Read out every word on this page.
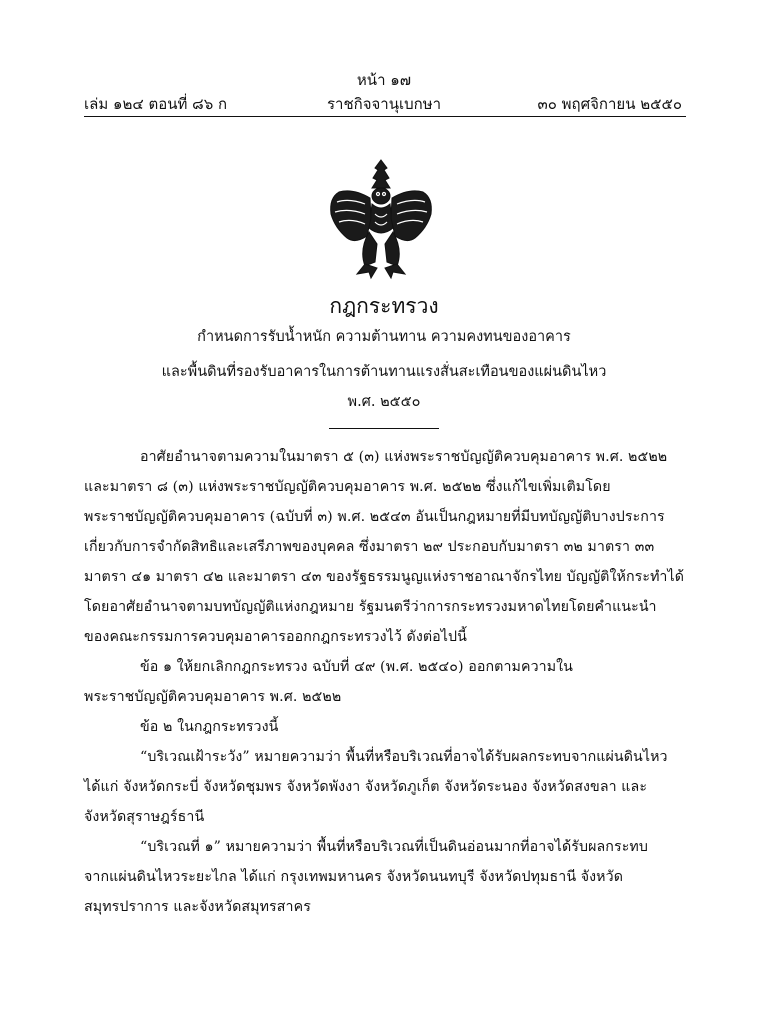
หน้า ๑๗
เล่ม ๑๒๔ ตอนที่ ๘๖ ก	ราชกิจจานุเบกษา	๓๐ พฤศจิกายน ๒๕๕๐
กฎกระทรวง
กำหนดการรับน้ำหนัก ความต้านทาน ความคงทนของอาคาร
และพื้นดินที่รองรับอาคารในการต้านทานแรงสั่นสะเทือนของแผ่นดินไหว
พ.ศ. ๒๕๕๐
อาศัยอำนาจตามความในมาตรา ๕ (๓) แห่งพระราชบัญญัติควบคุมอาคาร พ.ศ. ๒๕๒๒
และมาตรา ๘ (๓) แห่งพระราชบัญญัติควบคุมอาคาร พ.ศ. ๒๕๒๒ ซึ่งแก้ไขเพิ่มเติมโดย
พระราชบัญญัติควบคุมอาคาร (ฉบับที่ ๓) พ.ศ. ๒๕๔๓ อันเป็นกฎหมายที่มีบทบัญญัติบางประการ
เกี่ยวกับการจำกัดสิทธิและเสรีภาพของบุคคล ซึ่งมาตรา ๒๙ ประกอบกับมาตรา ๓๒ มาตรา ๓๓
มาตรา ๔๑ มาตรา ๔๒ และมาตรา ๔๓ ของรัฐธรรมนูญแห่งราชอาณาจักรไทย บัญญัติให้กระทำได้
โดยอาศัยอำนาจตามบทบัญญัติแห่งกฎหมาย รัฐมนตรีว่าการกระทรวงมหาดไทยโดยคำแนะนำ
ของคณะกรรมการควบคุมอาคารออกกฎกระทรวงไว้ ดังต่อไปนี้
ข้อ ๑ ให้ยกเลิกกฎกระทรวง ฉบับที่ ๔๙ (พ.ศ. ๒๕๔๐) ออกตามความใน
พระราชบัญญัติควบคุมอาคาร พ.ศ. ๒๕๒๒
ข้อ ๒ ในกฎกระทรวงนี้
“บริเวณเฝ้าระวัง” หมายความว่า พื้นที่หรือบริเวณที่อาจได้รับผลกระทบจากแผ่นดินไหว
ได้แก่ จังหวัดกระบี่ จังหวัดชุมพร จังหวัดพังงา จังหวัดภูเก็ต จังหวัดระนอง จังหวัดสงขลา และ
จังหวัดสุราษฎร์ธานี
“บริเวณที่ ๑” หมายความว่า พื้นที่หรือบริเวณที่เป็นดินอ่อนมากที่อาจได้รับผลกระทบ
จากแผ่นดินไหวระยะไกล ได้แก่ กรุงเทพมหานคร จังหวัดนนทบุรี จังหวัดปทุมธานี จังหวัด
สมุทรปราการ และจังหวัดสมุทรสาคร
